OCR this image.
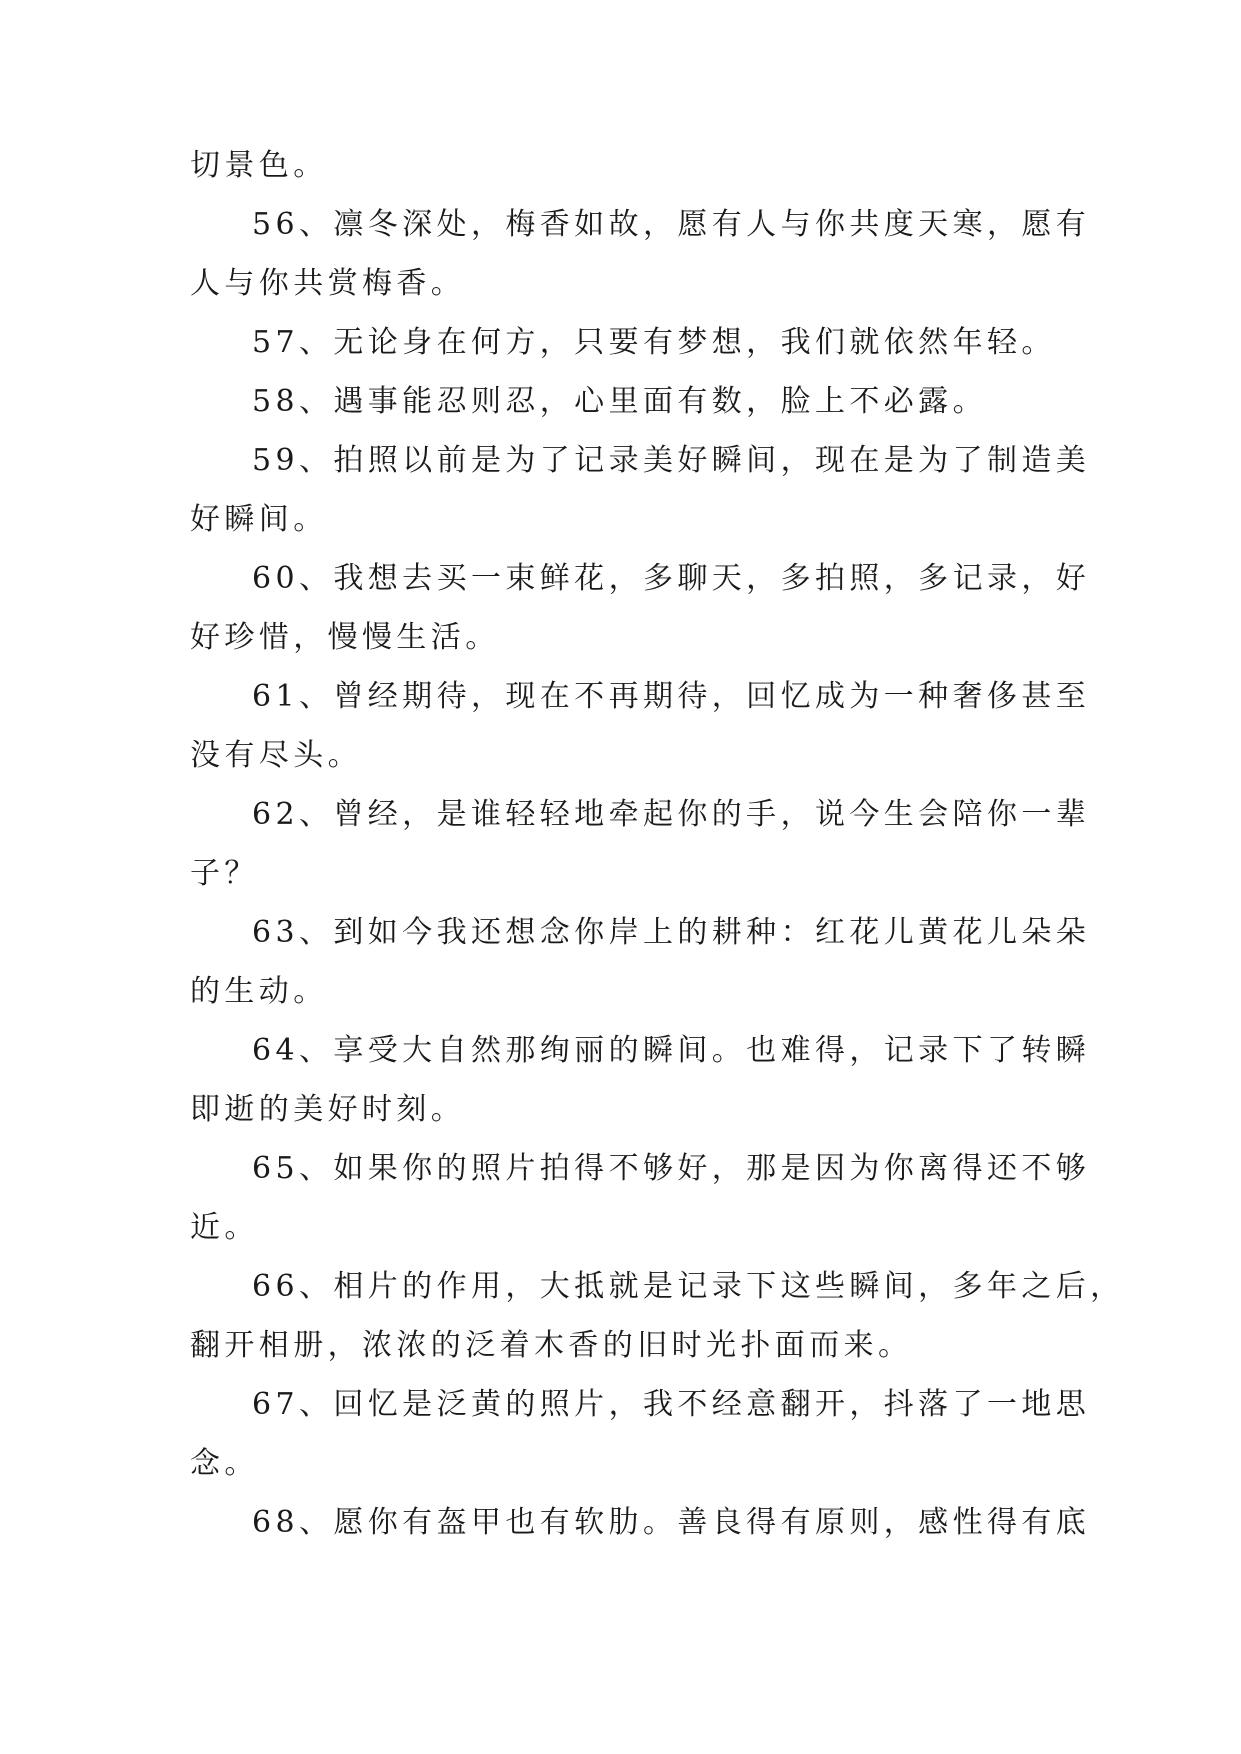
切景色。

56、凛冬深处，梅香如故，愿有人与你共度天寒，愿有

人与你共赏梅香。

57、无论身在何方，只要有梦想，我们就依然年轻。

58、遇事能忍则忍，心里面有数，脸上不必露。

59、拍照以前是为了记录美好瞬间，现在是为了制造美

好瞬间。

60、我想去买一束鲜花，多聊天，多拍照，多记录，好

好珍惜，慢慢生活。

61、曾经期待，现在不再期待，回忆成为一种奢侈甚至

没有尽头。

62、曾经，是谁轻轻地牵起你的手，说今生会陪你一辈

子？

63、到如今我还想念你岸上的耕种：红花儿黄花儿朵朵

的生动。

64、享受大自然那绚丽的瞬间。也难得，记录下了转瞬

即逝的美好时刻。

65、如果你的照片拍得不够好，那是因为你离得还不够

近。

66、相片的作用，大抵就是记录下这些瞬间，多年之后，

翻开相册，浓浓的泛着木香的旧时光扑面而来。

67、回忆是泛黄的照片，我不经意翻开，抖落了一地思

念。

68、愿你有盔甲也有软肋。善良得有原则，感性得有底
